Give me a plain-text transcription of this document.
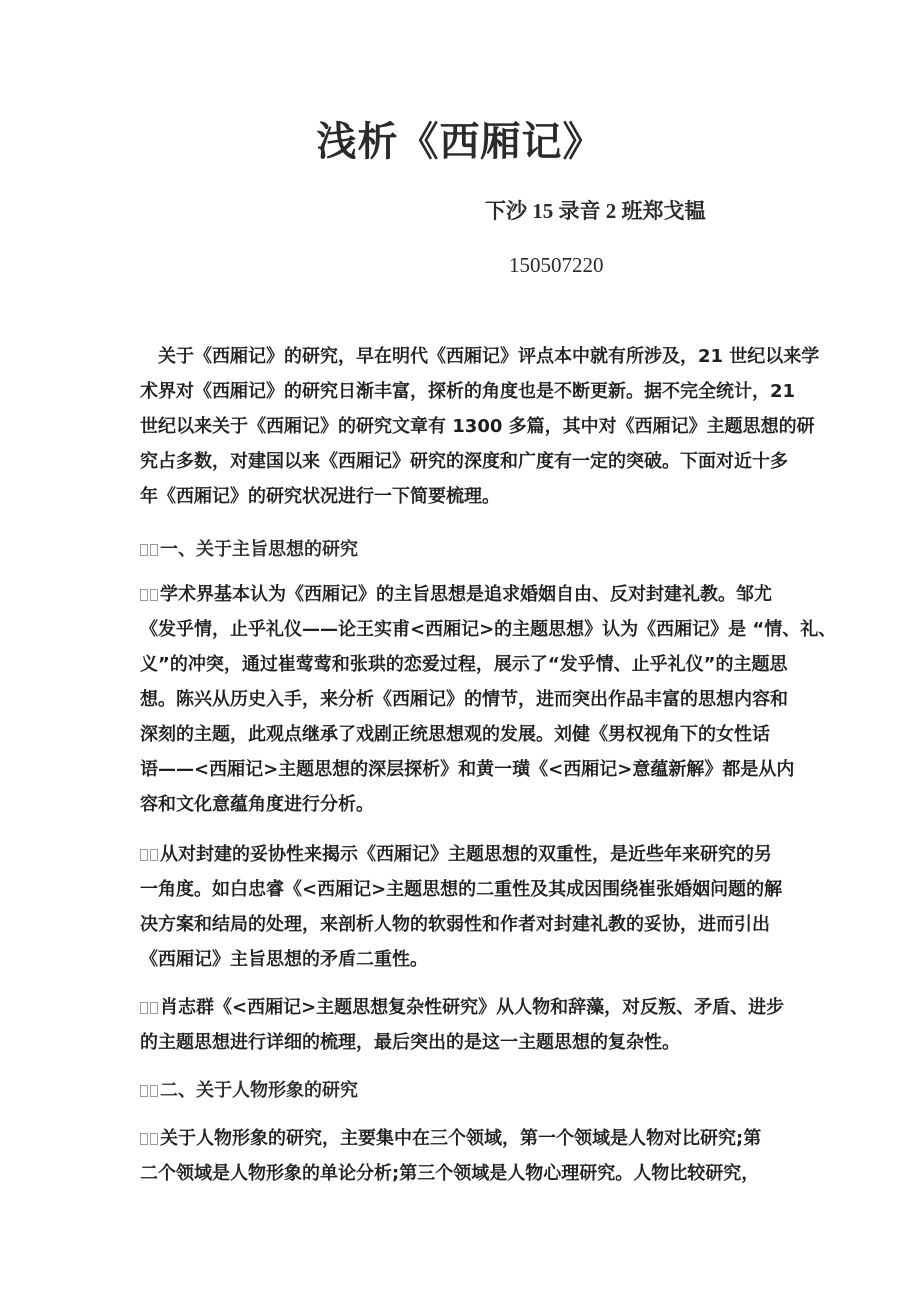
浅析《西厢记》
下沙 15 录音 2 班郑戈韫
150507220
关于《西厢记》的研究，早在明代《西厢记》评点本中就有所涉及，21 世纪以来学
术界对《西厢记》的研究日渐丰富，探析的角度也是不断更新。据不完全统计，21
世纪以来关于《西厢记》的研究文章有 1300 多篇，其中对《西厢记》主题思想的研
究占多数，对建国以来《西厢记》研究的深度和广度有一定的突破。下面对近十多
年《西厢记》的研究状况进行一下简要梳理。
一、关于主旨思想的研究
学术界基本认为《西厢记》的主旨思想是追求婚姻自由、反对封建礼教。邹尤
《发乎情，止乎礼仪——论王实甫<西厢记>的主题思想》认为《西厢记》是 “情、礼、
义”的冲突，通过崔莺莺和张珙的恋爱过程，展示了“发乎情、止乎礼仪”的主题思
想。陈兴从历史入手，来分析《西厢记》的情节，进而突出作品丰富的思想内容和
深刻的主题，此观点继承了戏剧正统思想观的发展。刘健《男权视角下的女性话
语——<西厢记>主题思想的深层探析》和黄一璜《<西厢记>意蕴新解》都是从内
容和文化意蕴角度进行分析。
从对封建的妥协性来揭示《西厢记》主题思想的双重性，是近些年来研究的另
一角度。如白忠睿《<西厢记>主题思想的二重性及其成因围绕崔张婚姻问题的解
决方案和结局的处理，来剖析人物的软弱性和作者对封建礼教的妥协，进而引出
《西厢记》主旨思想的矛盾二重性。
肖志群《<西厢记>主题思想复杂性研究》从人物和辞藻，对反叛、矛盾、进步
的主题思想进行详细的梳理，最后突出的是这一主题思想的复杂性。
二、关于人物形象的研究
关于人物形象的研究，主要集中在三个领域，第一个领域是人物对比研究;第
二个领域是人物形象的单论分析;第三个领域是人物心理研究。人物比较研究，
